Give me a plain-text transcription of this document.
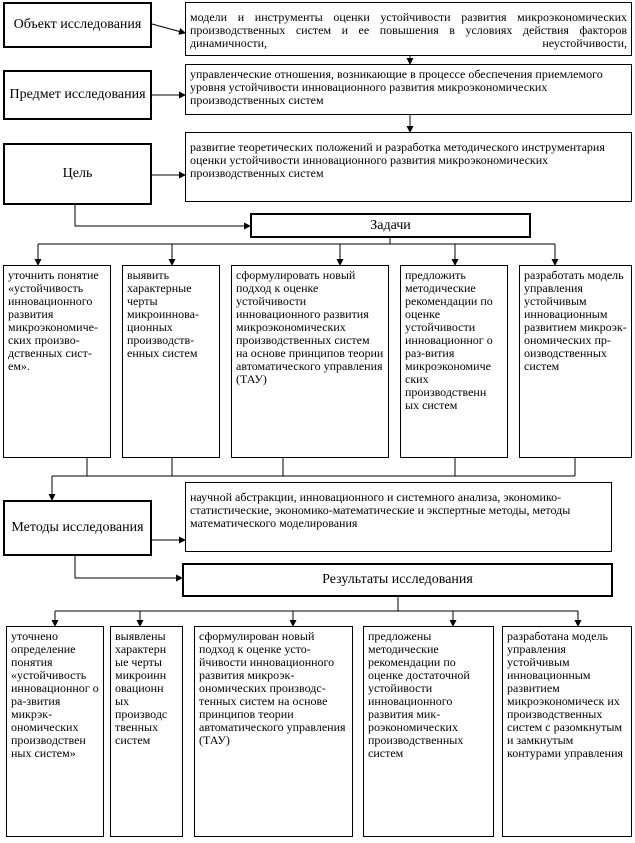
Объект исследования	модели и инструменты оценки устойчивости развития микроэкономических производственных систем и ее повышения в условиях действия факторов динамичности, неустойчивости,
Предмет исследования
управленческие отношения, возникающие в процессе обеспечения приемлемого уровня устойчивости инновационного развития микроэкономических производственных систем
Цель
развитие теоретических положений и разработка методического инструментария оценки устойчивости инновационного развития микроэкономических производственных систем
Задачи
уточнить понятие «устойчивость инновационного развития микроэкономических производственных систем».
выявить характерные черты микроинновационных производственных систем
сформулировать новый подход к оценке устойчивости инновационного развития микроэкономических производственных систем на основе принципов теории автоматического управления (ТАУ)
предложить методические рекомендации по оценке устойчивости инновационног о раз-вития микроэкономиче ских производственн ых систем
разработать модель управления устойчивым инновационным развитием микроэкономических производственных систем
Методы исследования
научной абстракции, инновационного и системного анализа, экономико-статистические, экономико-математические и экспертные методы, методы математического моделирования
Результаты исследования
уточнено определение понятия «устойчивость инновационног о ра-звития микрэкономических производствен ных систем»
выявлены характерн ые черты микроинн овационн ых производс твенных систем
сформулирован новый подход к оценке устойчивости инновационного развития микроэкономических производстенных систем на основе принципов теории автоматического управления (ТАУ)
предложены методические рекомендации по оценке достаточной устойивости инновационного развития микроэкономических производственных систем
разработана модель управления устойчивым инновационным развитием микроэкономическ их производственных систем с разомкнутым и замкнутым контурами управления
